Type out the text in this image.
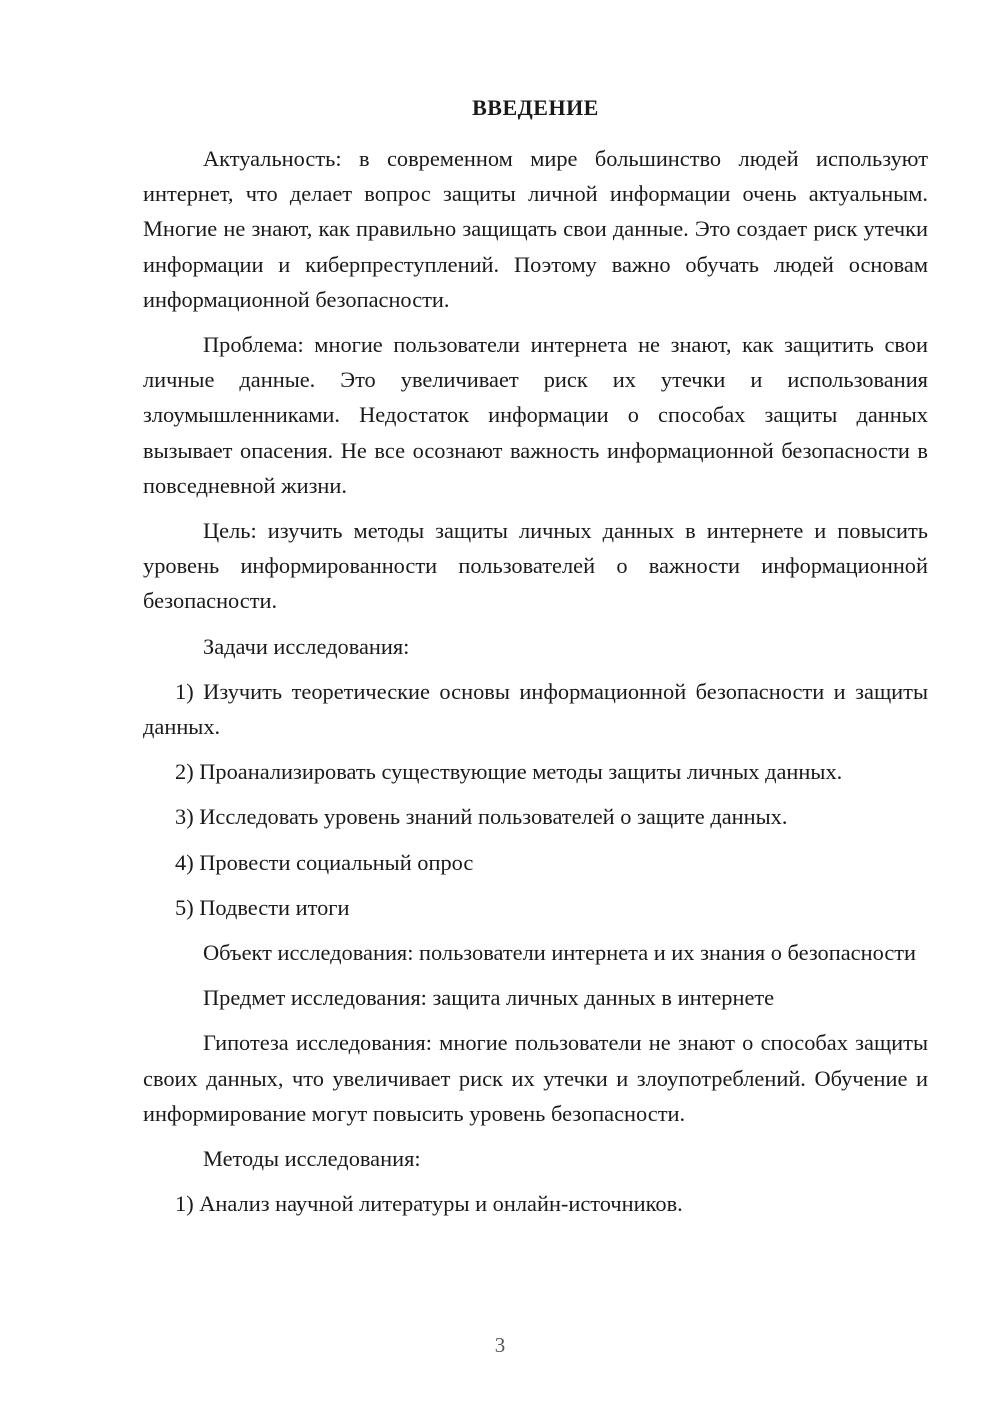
ВВЕДЕНИЕ

Актуальность: в современном мире большинство людей используют интернет, что делает вопрос защиты личной информации очень актуальным. Многие не знают, как правильно защищать свои данные. Это создает риск утечки информации и киберпреступлений. Поэтому важно обучать людей основам информационной безопасности.

Проблема: многие пользователи интернета не знают, как защитить свои личные данные. Это увеличивает риск их утечки и использования злоумышленниками. Недостаток информации о способах защиты данных вызывает опасения. Не все осознают важность информационной безопасности в повседневной жизни.

Цель: изучить методы защиты личных данных в интернете и повысить уровень информированности пользователей о важности информационной безопасности.

Задачи исследования:

1) Изучить теоретические основы информационной безопасности и защиты данных.

2) Проанализировать существующие методы защиты личных данных.

3) Исследовать уровень знаний пользователей о защите данных.

4) Провести социальный опрос

5) Подвести итоги

Объект исследования: пользователи интернета и их знания о безопасности

Предмет исследования: защита личных данных в интернете

Гипотеза исследования: многие пользователи не знают о способах защиты своих данных, что увеличивает риск их утечки и злоупотреблений. Обучение и информирование могут повысить уровень безопасности.

Методы исследования:

1) Анализ научной литературы и онлайн-источников.

3
